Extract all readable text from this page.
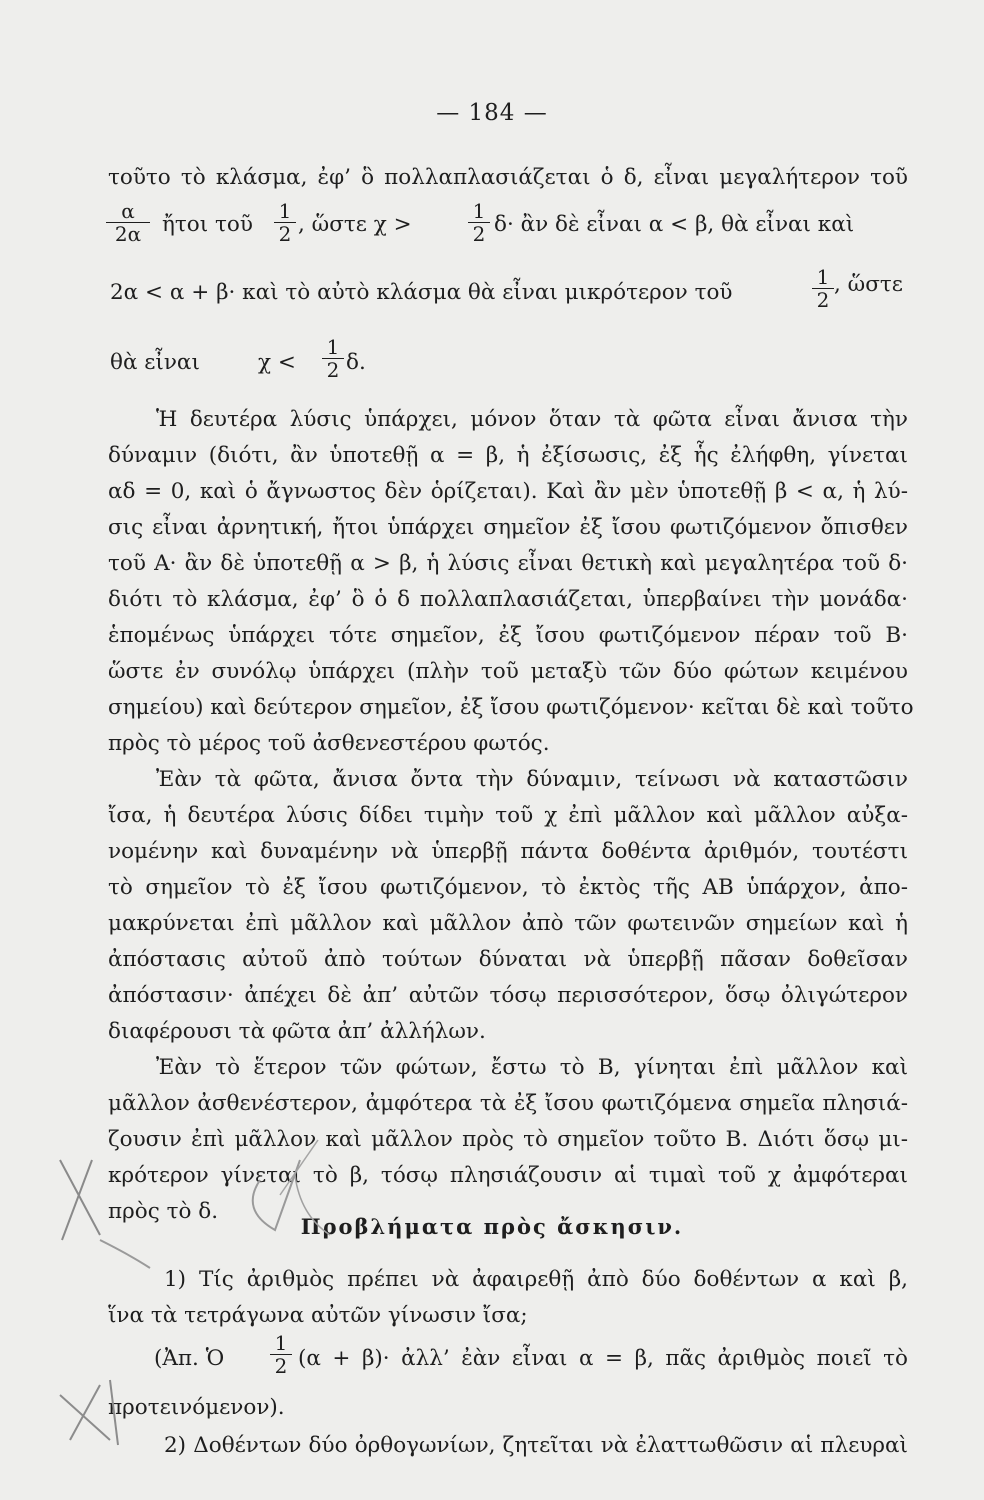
— 184 —
τοῦτο τὸ κλάσμα, ἐφ’ ὃ πολλαπλασιάζεται ὁ δ, εἶναι μεγαλήτερον τοῦ
$\frac{\alpha}{2\alpha}$ ἤτοι τοῦ $\frac{1}{2}$ , ὥστε χ >	$\frac{1}{2} \delta\cdot$ ἂν δὲ εἶναι α < β, θὰ εἶναι καὶ
2α < α + β· καὶ τὸ αὐτὸ κλάσμα θὰ εἶναι μικρότερον τοῦ	$\frac{1}{2}$ , ὥστε
θὰ εἶναι	$\chi < \frac{1}{2} \delta$.
Ἡ δευτέρα λύσις ὑπάρχει, μόνον ὅταν τὰ φῶτα εἶναι ἄνισα τὴν
δύναμιν (διότι, ἂν ὑποτεθῇ α = β, ἡ ἐξίσωσις, ἐξ ἧς ἐλήφθη, γίνεται
αδ = 0, καὶ ὁ ἄγνωστος δὲν ὁρίζεται). Καὶ ἂν μὲν ὑποτεθῇ β < α, ἡ λύ-
σις εἶναι ἀρνητική, ἤτοι ὑπάρχει σημεῖον ἐξ ἴσου φωτιζόμενον ὄπισθεν
τοῦ Α· ἂν δὲ ὑποτεθῇ α > β, ἡ λύσις εἶναι θετικὴ καὶ μεγαλητέρα τοῦ δ·
διότι τὸ κλάσμα, ἐφ’ ὃ ὁ δ πολλαπλασιάζεται, ὑπερβαίνει τὴν μονάδα·
ἑπομένως ὑπάρχει τότε σημεῖον, ἐξ ἴσου φωτιζόμενον πέραν τοῦ Β·
ὥστε ἐν συνόλῳ ὑπάρχει (πλὴν τοῦ μεταξὺ τῶν δύο φώτων κειμένου
σημείου) καὶ δεύτερον σημεῖον, ἐξ ἴσου φωτιζόμενον· κεῖται δὲ καὶ τοῦτο
πρὸς τὸ μέρος τοῦ ἀσθενεστέρου φωτός.
Ἐὰν τὰ φῶτα, ἄνισα ὄντα τὴν δύναμιν, τείνωσι νὰ καταστῶσιν
ἴσα, ἡ δευτέρα λύσις δίδει τιμὴν τοῦ χ ἐπὶ μᾶλλον καὶ μᾶλλον αὐξα-
νομένην καὶ δυναμένην νὰ ὑπερβῇ πάντα δοθέντα ἀριθμόν, τουτέστι
τὸ σημεῖον τὸ ἐξ ἴσου φωτιζόμενον, τὸ ἐκτὸς τῆς ΑΒ ὑπάρχον, ἀπο-
μακρύνεται ἐπὶ μᾶλλον καὶ μᾶλλον ἀπὸ τῶν φωτεινῶν σημείων καὶ ἡ
ἀπόστασις αὐτοῦ ἀπὸ τούτων δύναται νὰ ὑπερβῇ πᾶσαν δοθεῖσαν
ἀπόστασιν· ἀπέχει δὲ ἀπ’ αὐτῶν τόσῳ περισσότερον, ὅσῳ ὀλιγώτερον
διαφέρουσι τὰ φῶτα ἀπ’ ἀλλήλων.
Ἐὰν τὸ ἕτερον τῶν φώτων, ἔστω τὸ Β, γίνηται ἐπὶ μᾶλλον καὶ
μᾶλλον ἀσθενέστερον, ἀμφότερα τὰ ἐξ ἴσου φωτιζόμενα σημεῖα πλησιά-
ζουσιν ἐπὶ μᾶλλον καὶ μᾶλλον πρὸς τὸ σημεῖον τοῦτο Β. Διότι ὅσῳ μι-
κρότερον γίνεται τὸ β, τόσῳ πλησιάζουσιν αἱ τιμαὶ τοῦ χ ἀμφότεραι
πρὸς τὸ δ.
Προβλήματα πρὸς ἄσκησιν.
1) Τίς ἀριθμὸς πρέπει νὰ ἀφαιρεθῇ ἀπὸ δύο δοθέντων α καὶ β,
ἵνα τὰ τετράγωνα αὐτῶν γίνωσιν ἴσα;
(Ἀπ. Ὁ $\frac{1}{2} (\alpha + \beta)\cdot$ ἀλλ’ ἐὰν εἶναι α = β, πᾶς ἀριθμὸς ποιεῖ τὸ
προτεινόμενον).
2) Δοθέντων δύο ὀρθογωνίων, ζητεῖται νὰ ἐλαττωθῶσιν αἱ πλευραὶ
